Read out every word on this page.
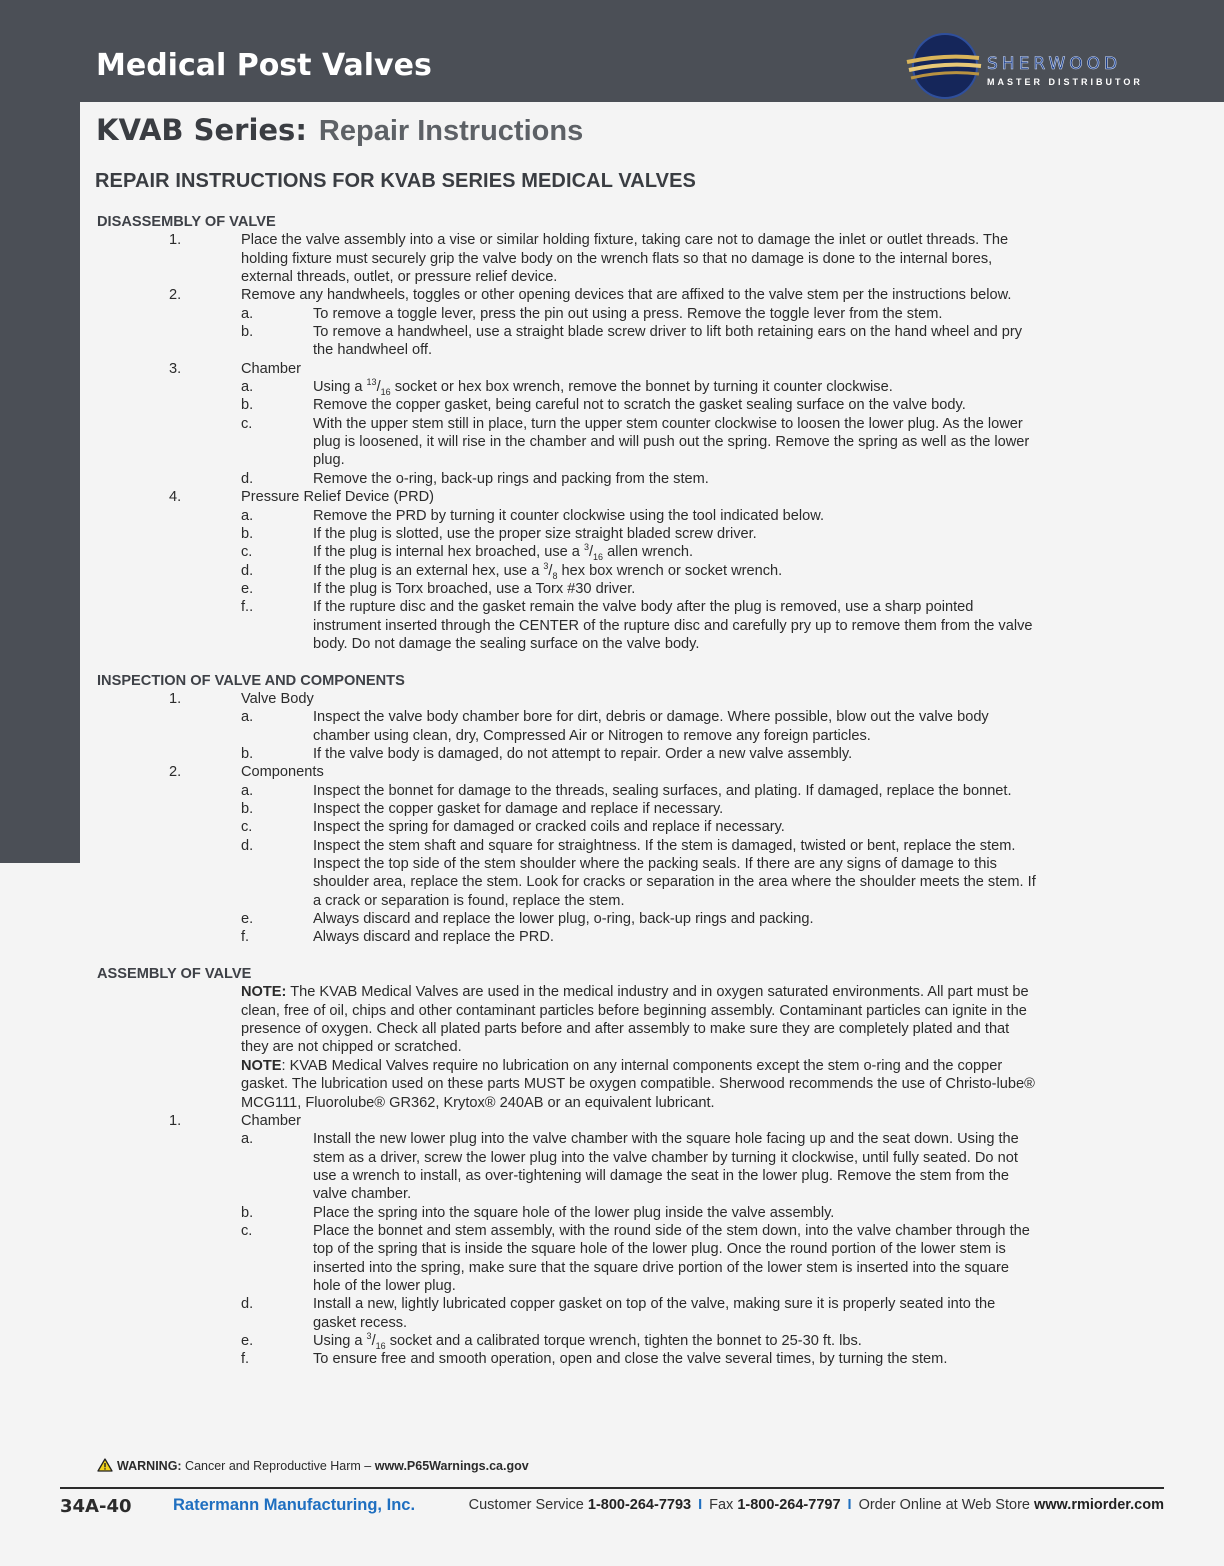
Medical Post Valves	SHERWOOD
MASTER DISTRIBUTOR
KVAB Series: Repair Instructions
REPAIR INSTRUCTIONS FOR KVAB SERIES MEDICAL VALVES
DISASSEMBLY OF VALVE
1.	Place the valve assembly into a vise or similar holding fixture, taking care not to damage the inlet or outlet threads. The holding fixture must securely grip the valve body on the wrench flats so that no damage is done to the internal bores, external threads, outlet, or pressure relief device.
2.	Remove any handwheels, toggles or other opening devices that are affixed to the valve stem per the instructions below.
a.	To remove a toggle lever, press the pin out using a press. Remove the toggle lever from the stem.
b.	To remove a handwheel, use a straight blade screw driver to lift both retaining ears on the hand wheel and pry the handwheel off.
3.	Chamber
a.	Using a $^{13}/_{16}$ socket or hex box wrench, remove the bonnet by turning it counter clockwise.
b.	Remove the copper gasket, being careful not to scratch the gasket sealing surface on the valve body.
c.	With the upper stem still in place, turn the upper stem counter clockwise to loosen the lower plug. As the lower plug is loosened, it will rise in the chamber and will push out the spring. Remove the spring as well as the lower plug.
d.	Remove the o-ring, back-up rings and packing from the stem.
4.	Pressure Relief Device (PRD)
a.	Remove the PRD by turning it counter clockwise using the tool indicated below.
b.	If the plug is slotted, use the proper size straight bladed screw driver.
c.	If the plug is internal hex broached, use a $^3/_{16}$ allen wrench.
d.	If the plug is an external hex, use a $^3/_8$ hex box wrench or socket wrench.
e.	If the plug is Torx broached, use a Torx #30 driver.
f..	If the rupture disc and the gasket remain the valve body after the plug is removed, use a sharp pointed instrument inserted through the CENTER of the rupture disc and carefully pry up to remove them from the valve body. Do not damage the sealing surface on the valve body.
INSPECTION OF VALVE AND COMPONENTS
1.	Valve Body
a.	Inspect the valve body chamber bore for dirt, debris or damage. Where possible, blow out the valve body chamber using clean, dry, Compressed Air or Nitrogen to remove any foreign particles.
b.	If the valve body is damaged, do not attempt to repair. Order a new valve assembly.
2.	Components
a.	Inspect the bonnet for damage to the threads, sealing surfaces, and plating. If damaged, replace the bonnet.
b.	Inspect the copper gasket for damage and replace if necessary.
c.	Inspect the spring for damaged or cracked coils and replace if necessary.
d.	Inspect the stem shaft and square for straightness. If the stem is damaged, twisted or bent, replace the stem. Inspect the top side of the stem shoulder where the packing seals. If there are any signs of damage to this shoulder area, replace the stem. Look for cracks or separation in the area where the shoulder meets the stem. If a crack or separation is found, replace the stem.
e.	Always discard and replace the lower plug, o-ring, back-up rings and packing.
f.	Always discard and replace the PRD.
ASSEMBLY OF VALVE
NOTE: The KVAB Medical Valves are used in the medical industry and in oxygen saturated environments. All part must be clean, free of oil, chips and other contaminant particles before beginning assembly. Contaminant particles can ignite in the presence of oxygen. Check all plated parts before and after assembly to make sure they are completely plated and that they are not chipped or scratched.
NOTE: KVAB Medical Valves require no lubrication on any internal components except the stem o-ring and the copper gasket. The lubrication used on these parts MUST be oxygen compatible. Sherwood recommends the use of Christo-lube® MCG111, Fluorolube® GR362, Krytox® 240AB or an equivalent lubricant.
1.	Chamber
a.	Install the new lower plug into the valve chamber with the square hole facing up and the seat down. Using the stem as a driver, screw the lower plug into the valve chamber by turning it clockwise, until fully seated. Do not use a wrench to install, as over-tightening will damage the seat in the lower plug. Remove the stem from the valve chamber.
b.	Place the spring into the square hole of the lower plug inside the valve assembly.
c.	Place the bonnet and stem assembly, with the round side of the stem down, into the valve chamber through the top of the spring that is inside the square hole of the lower plug. Once the round portion of the lower stem is inserted into the spring, make sure that the square drive portion of the lower stem is inserted into the square hole of the lower plug.
d.	Install a new, lightly lubricated copper gasket on top of the valve, making sure it is properly seated into the gasket recess.
e.	Using a $^3/_{16}$ socket and a calibrated torque wrench, tighten the bonnet to 25-30 ft. lbs.
f.	To ensure free and smooth operation, open and close the valve several times, by turning the stem.
WARNING: Cancer and Reproductive Harm – www.P65Warnings.ca.gov
34A-40	Ratermann Manufacturing, Inc.	Customer Service 1-800-264-7793 I Fax 1-800-264-7797 I Order Online at Web Store www.rmiorder.com
